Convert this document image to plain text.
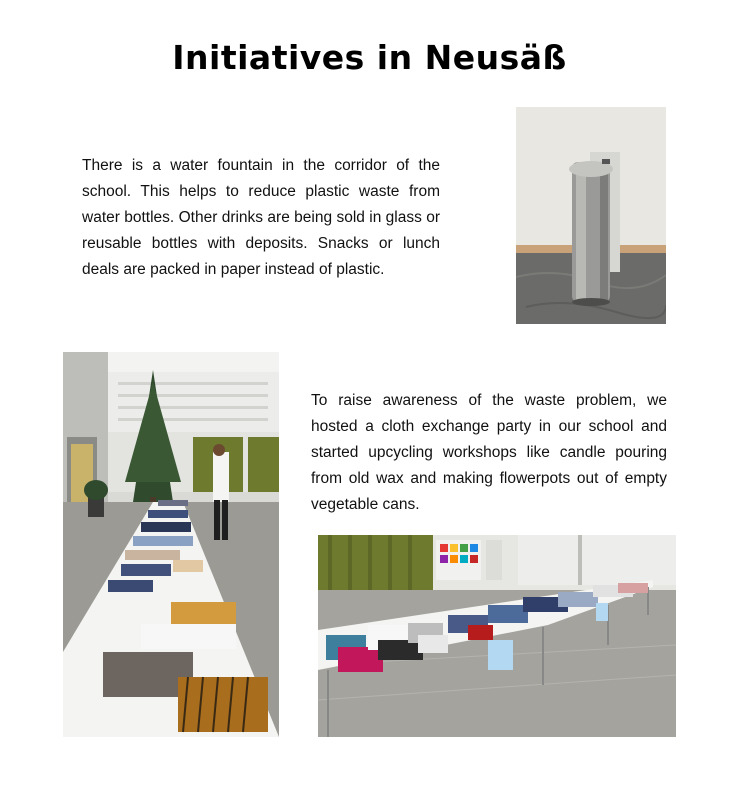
Initiatives in Neusäß

There is a water fountain in the corridor of the school. This helps to reduce plastic waste from water bottles. Other drinks are being sold in glass or reusable bottles with deposits. Snacks or lunch deals are packed in paper instead of plastic.

To raise awareness of the waste problem, we hosted a cloth exchange party in our school and started upcycling workshops like candle pouring from old wax and making flowerpots out of empty vegetable cans.
